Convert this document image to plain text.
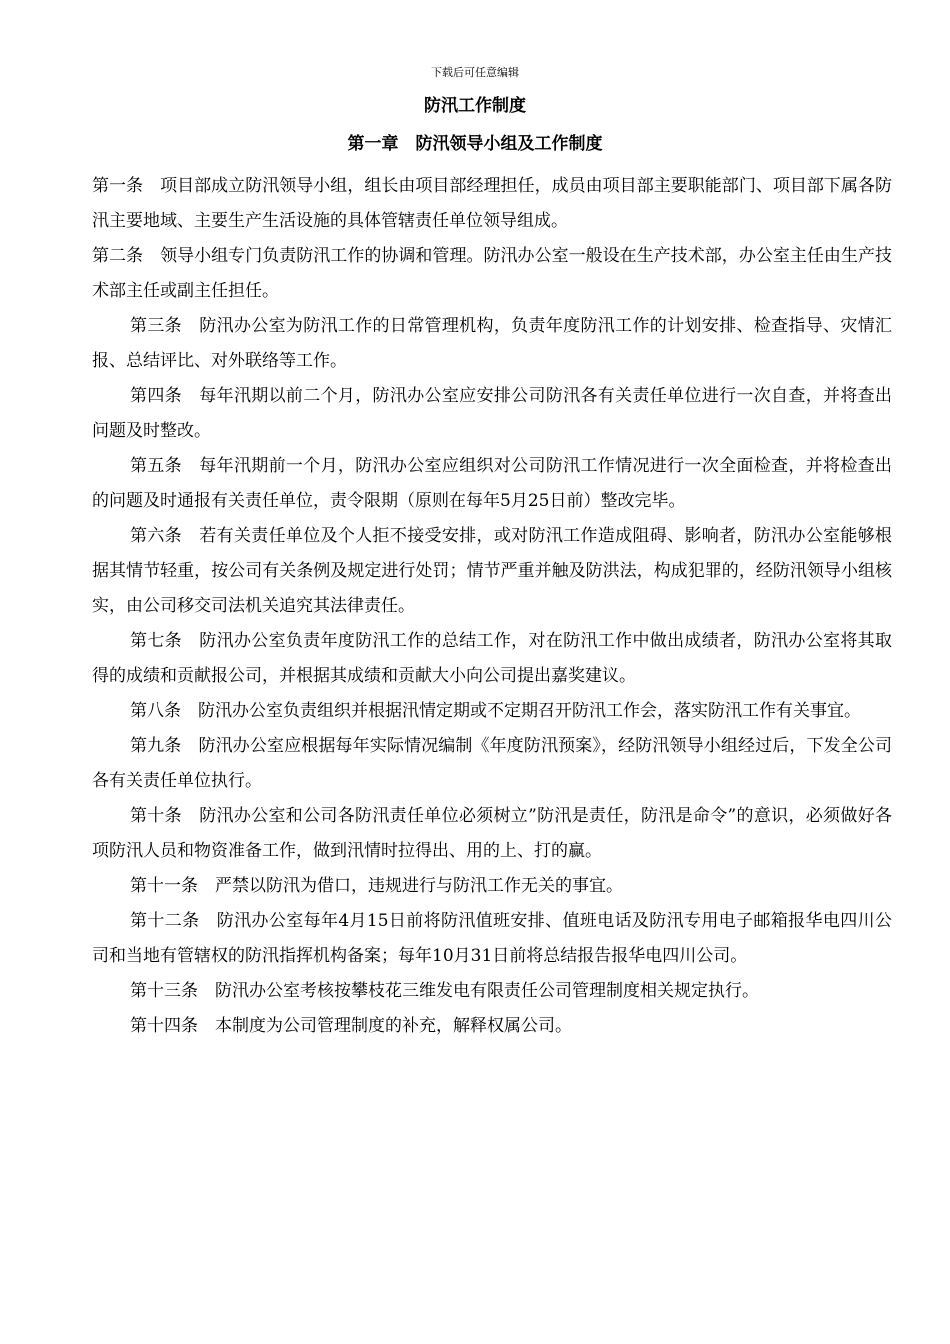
下载后可任意编辑
防汛工作制度
第一章　防汛领导小组及工作制度

第一条　项目部成立防汛领导小组，组长由项目部经理担任，成员由项目部主要职能部门、项目部下属各防汛主要地域、主要生产生活设施的具体管辖责任单位领导组成。

第二条　领导小组专门负责防汛工作的协调和管理。防汛办公室一般设在生产技术部，办公室主任由生产技术部主任或副主任担任。

第三条　防汛办公室为防汛工作的日常管理机构，负责年度防汛工作的计划安排、检查指导、灾情汇报、总结评比、对外联络等工作。

第四条　每年汛期以前二个月，防汛办公室应安排公司防汛各有关责任单位进行一次自查，并将查出问题及时整改。

第五条　每年汛期前一个月，防汛办公室应组织对公司防汛工作情况进行一次全面检查，并将检查出的问题及时通报有关责任单位，责令限期（原则在每年5月25日前）整改完毕。

第六条　若有关责任单位及个人拒不接受安排，或对防汛工作造成阻碍、影响者，防汛办公室能够根据其情节轻重，按公司有关条例及规定进行处罚；情节严重并触及防洪法，构成犯罪的，经防汛领导小组核实，由公司移交司法机关追究其法律责任。

第七条　防汛办公室负责年度防汛工作的总结工作，对在防汛工作中做出成绩者，防汛办公室将其取得的成绩和贡献报公司，并根据其成绩和贡献大小向公司提出嘉奖建议。

第八条　防汛办公室负责组织并根据汛情定期或不定期召开防汛工作会，落实防汛工作有关事宜。

第九条　防汛办公室应根据每年实际情况编制《年度防汛预案》，经防汛领导小组经过后，下发全公司各有关责任单位执行。

第十条　防汛办公室和公司各防汛责任单位必须树立”防汛是责任，防汛是命令”的意识，必须做好各项防汛人员和物资准备工作，做到汛情时拉得出、用的上、打的赢。

第十一条　严禁以防汛为借口，违规进行与防汛工作无关的事宜。

第十二条　防汛办公室每年4月15日前将防汛值班安排、值班电话及防汛专用电子邮箱报华电四川公司和当地有管辖权的防汛指挥机构备案；每年10月31日前将总结报告报华电四川公司。

第十三条　防汛办公室考核按攀枝花三维发电有限责任公司管理制度相关规定执行。

第十四条　本制度为公司管理制度的补充，解释权属公司。
